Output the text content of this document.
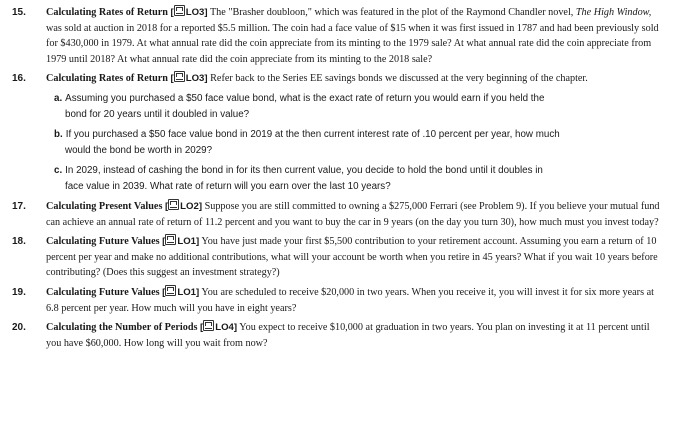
15. Calculating Rates of Return [ LO3] The "Brasher doubloon," which was featured in the plot of the Raymond Chandler novel, The High Window, was sold at auction in 2018 for a reported $5.5 million. The coin had a face value of $15 when it was first issued in 1787 and had been previously sold for $430,000 in 1979. At what annual rate did the coin appreciate from its minting to the 1979 sale? At what annual rate did the coin appreciate from 1979 until 2018? At what annual rate did the coin appreciate from its minting to the 2018 sale?
16. Calculating Rates of Return [ LO3] Refer back to the Series EE savings bonds we discussed at the very beginning of the chapter.
a. Assuming you purchased a $50 face value bond, what is the exact rate of return you would earn if you held the
bond for 20 years until it doubled in value?
b. If you purchased a $50 face value bond in 2019 at the then current interest rate of .10 percent per year, how much
would the bond be worth in 2029?
c. In 2029, instead of cashing the bond in for its then current value, you decide to hold the bond until it doubles in
face value in 2039. What rate of return will you earn over the last 10 years?
17. Calculating Present Values [ LO2] Suppose you are still committed to owning a $275,000 Ferrari (see Problem 9). If you believe your mutual fund can achieve an annual rate of return of 11.2 percent and you want to buy the car in 9 years (on the day you turn 30), how much must you invest today?
18. Calculating Future Values [ LO1] You have just made your first $5,500 contribution to your retirement account. Assuming you earn a return of 10 percent per year and make no additional contributions, what will your account be worth when you retire in 45 years? What if you wait 10 years before contributing? (Does this suggest an investment strategy?)
19. Calculating Future Values [ LO1] You are scheduled to receive $20,000 in two years. When you receive it, you will invest it for six more years at 6.8 percent per year. How much will you have in eight years?
20. Calculating the Number of Periods [ LO4] You expect to receive $10,000 at graduation in two years. You plan on investing it at 11 percent until you have $60,000. How long will you wait from now?
